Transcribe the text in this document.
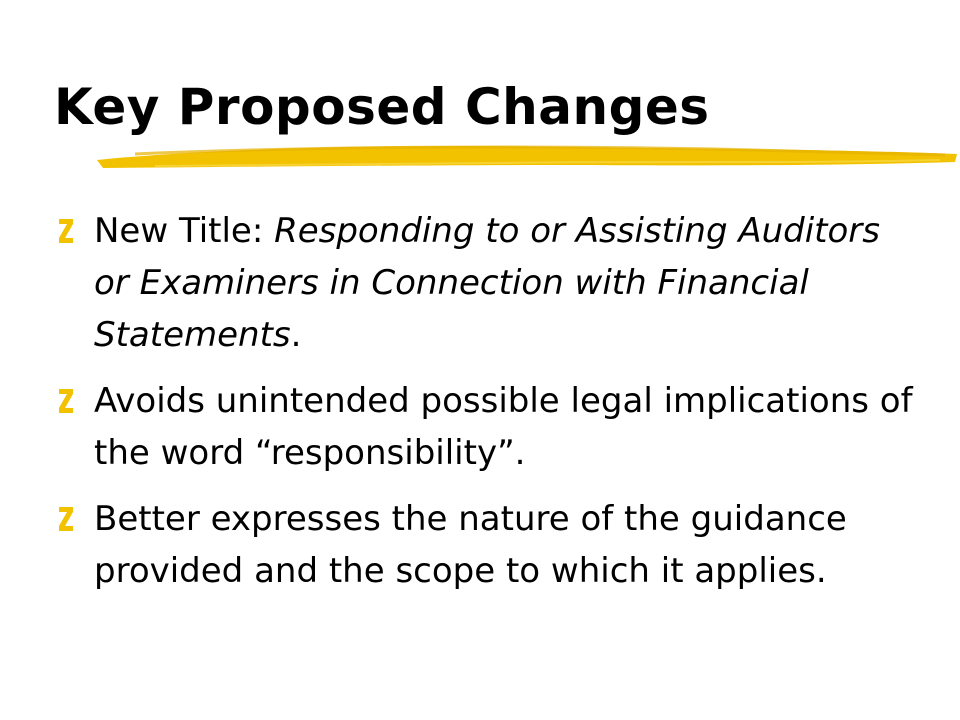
Key Proposed Changes
New Title: Responding to or Assisting Auditors or Examiners in Connection with Financial Statements.
Avoids unintended possible legal implications of the word “responsibility”.
Better expresses the nature of the guidance provided and the scope to which it applies.
